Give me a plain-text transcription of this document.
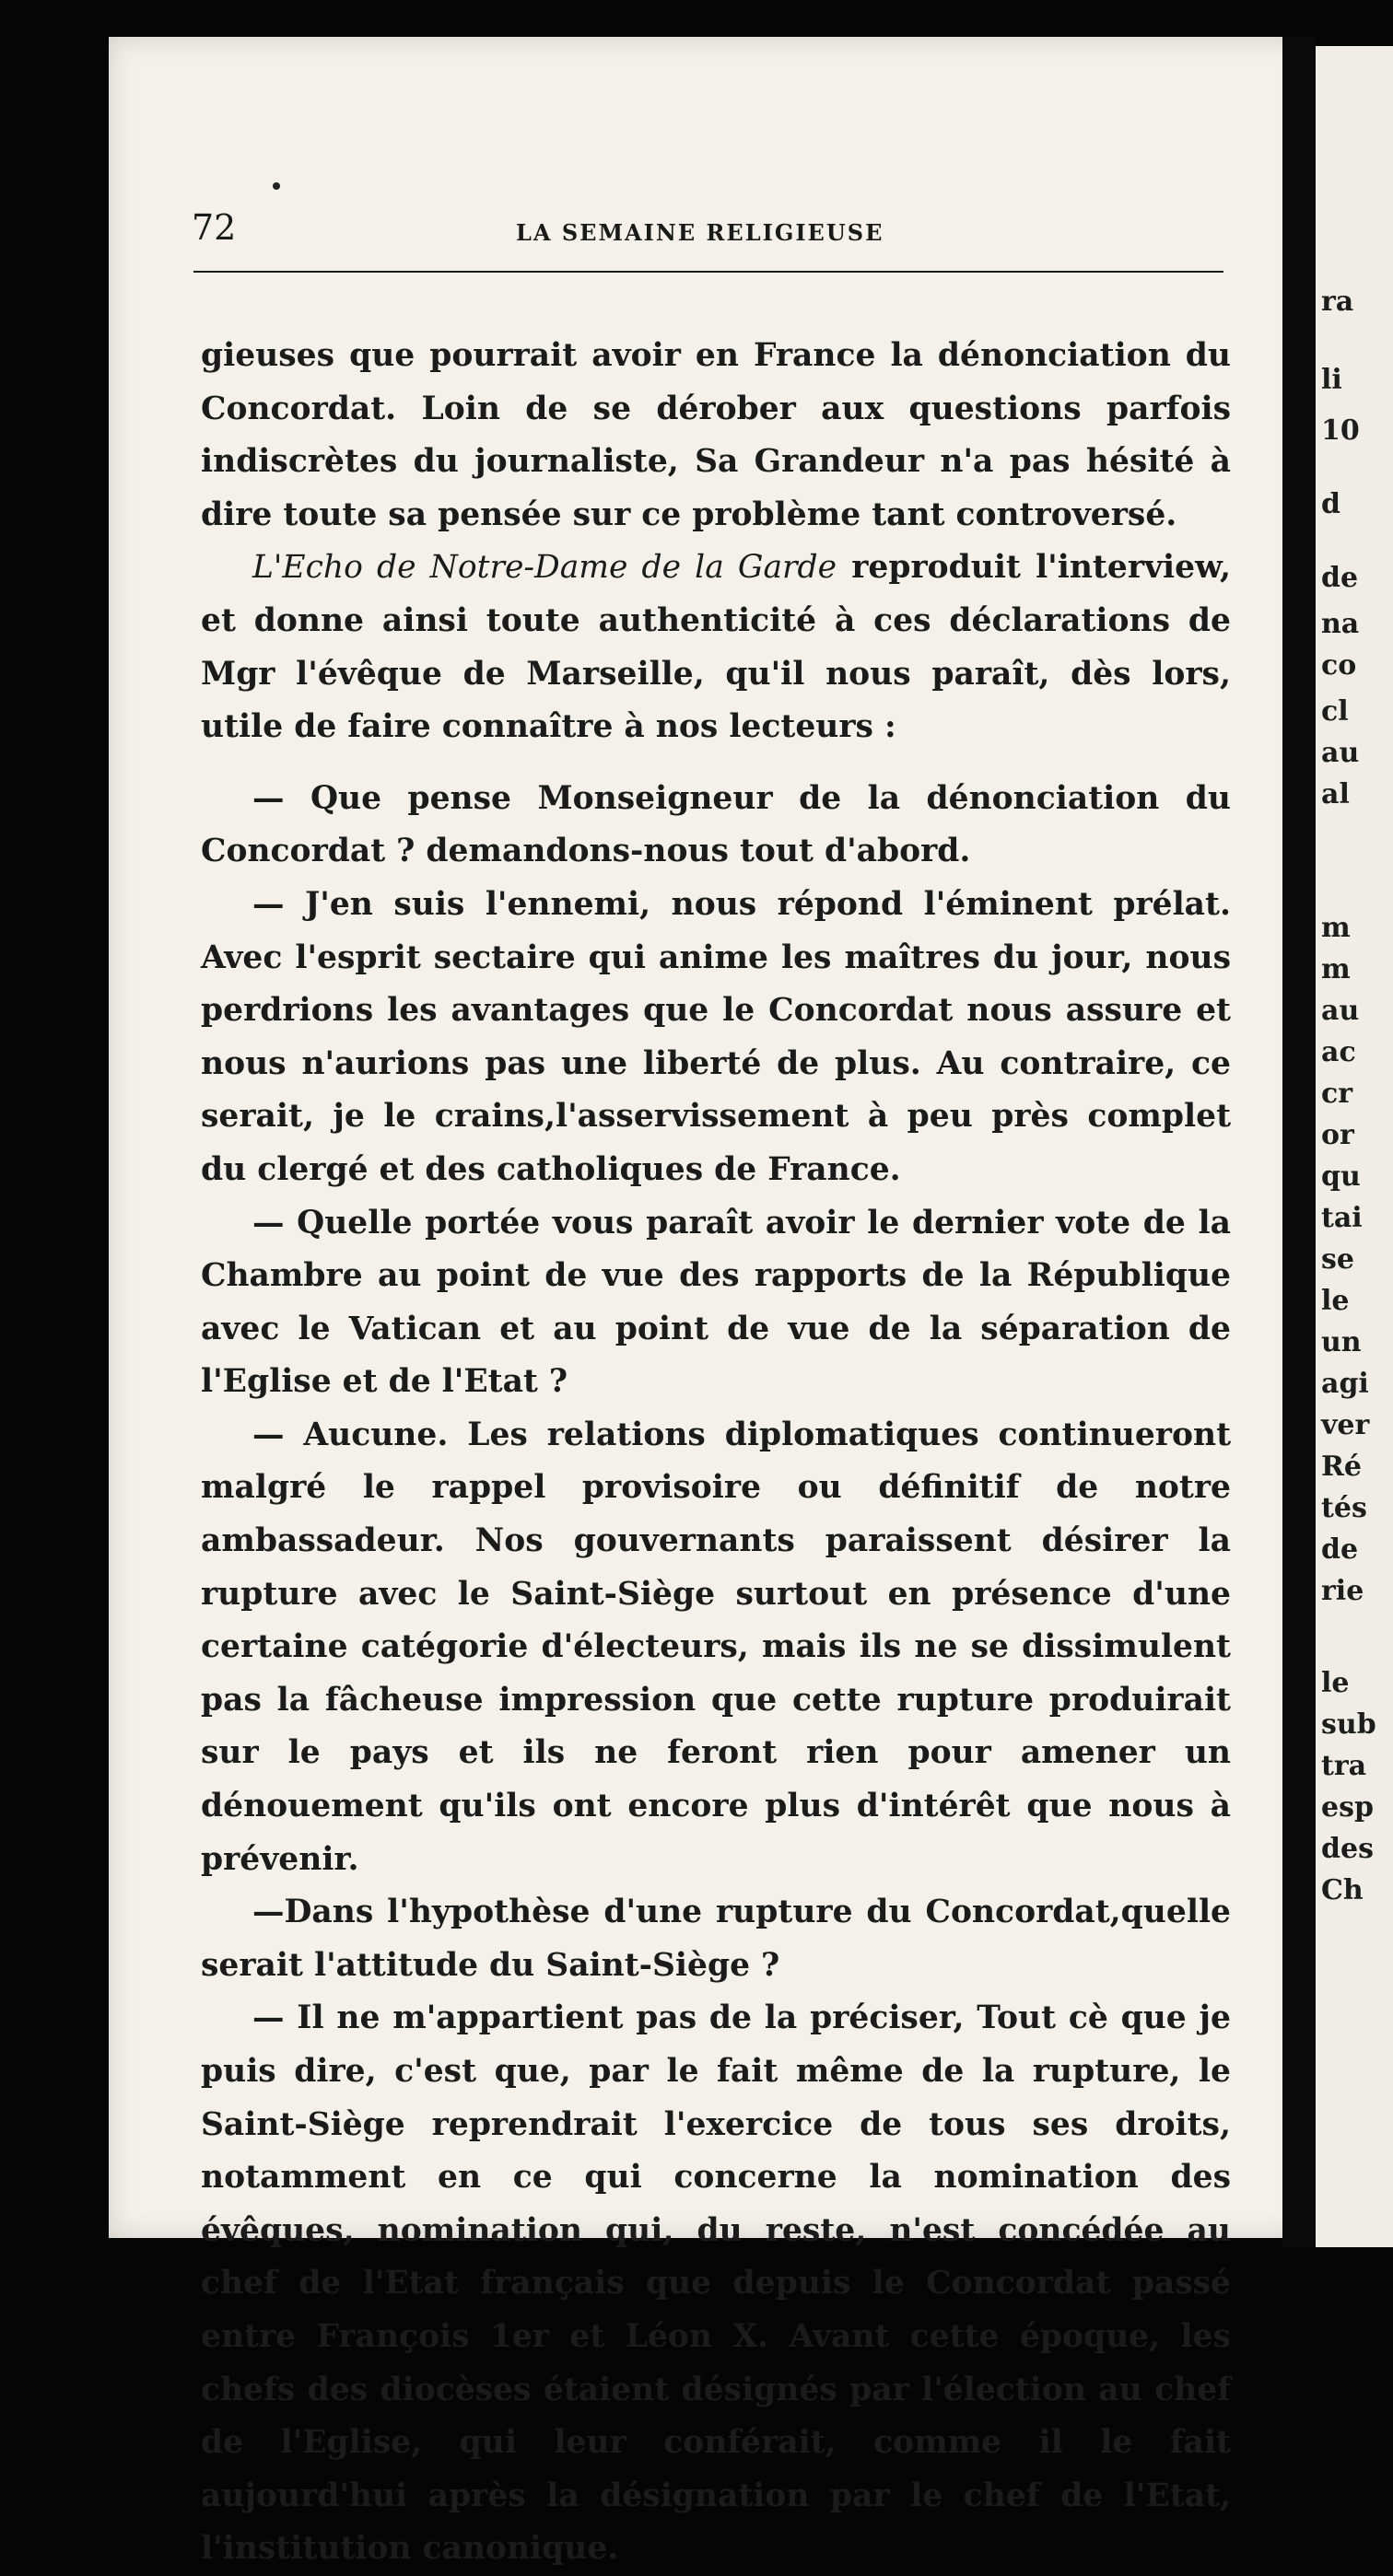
72	LA SEMAINE RELIGIEUSE

gieuses que pourrait avoir en France la dénonciation du Concordat. Loin de se dérober aux questions parfois indiscrètes du journaliste, Sa Grandeur n'a pas hésité à dire toute sa pensée sur ce problème tant controversé.

L'Echo de Notre-Dame de la Garde reproduit l'interview, et donne ainsi toute authenticité à ces déclarations de Mgr l'évêque de Marseille, qu'il nous paraît, dès lors, utile de faire connaître à nos lecteurs :

— Que pense Monseigneur de la dénonciation du Concordat ? demandons-nous tout d'abord.

— J'en suis l'ennemi, nous répond l'éminent prélat. Avec l'esprit sectaire qui anime les maîtres du jour, nous perdrions les avantages que le Concordat nous assure et nous n'aurions pas une liberté de plus. Au contraire, ce serait, je le crains,l'asservissement à peu près complet du clergé et des catholiques de France.

— Quelle portée vous paraît avoir le dernier vote de la Chambre au point de vue des rapports de la République avec le Vatican et au point de vue de la séparation de l'Eglise et de l'Etat ?

— Aucune. Les relations diplomatiques continueront malgré le rappel provisoire ou définitif de notre ambassadeur. Nos gouvernants paraissent désirer la rupture avec le Saint-Siège surtout en présence d'une certaine catégorie d'électeurs, mais ils ne se dissimulent pas la fâcheuse impression que cette rupture produirait sur le pays et ils ne feront rien pour amener un dénouement qu'ils ont encore plus d'intérêt que nous à prévenir.

—Dans l'hypothèse d'une rupture du Concordat,quelle serait l'attitude du Saint-Siège ?

— Il ne m'appartient pas de la préciser, Tout cè que je puis dire, c'est que, par le fait même de la rupture, le Saint-Siège reprendrait l'exercice de tous ses droits, notamment en ce qui concerne la nomination des évêques, nomination qui, du reste, n'est concédée au chef de l'Etat français que depuis le Concordat passé entre François 1er et Léon X. Avant cette époque, les chefs des diocèses étaient désignés par l'élection au chef de l'Eglise, qui leur conférait, comme il le fait aujourd'hui après la désignation par le chef de l'Etat, l'institution canonique.

ra
li
10
d
de
na
co
cl
au
al
m
m
au
ac
cr
or
qu
tai
se
le
un
agi
ver
Ré
tés
de
rie
le
sub
tra
esp
des
Ch
